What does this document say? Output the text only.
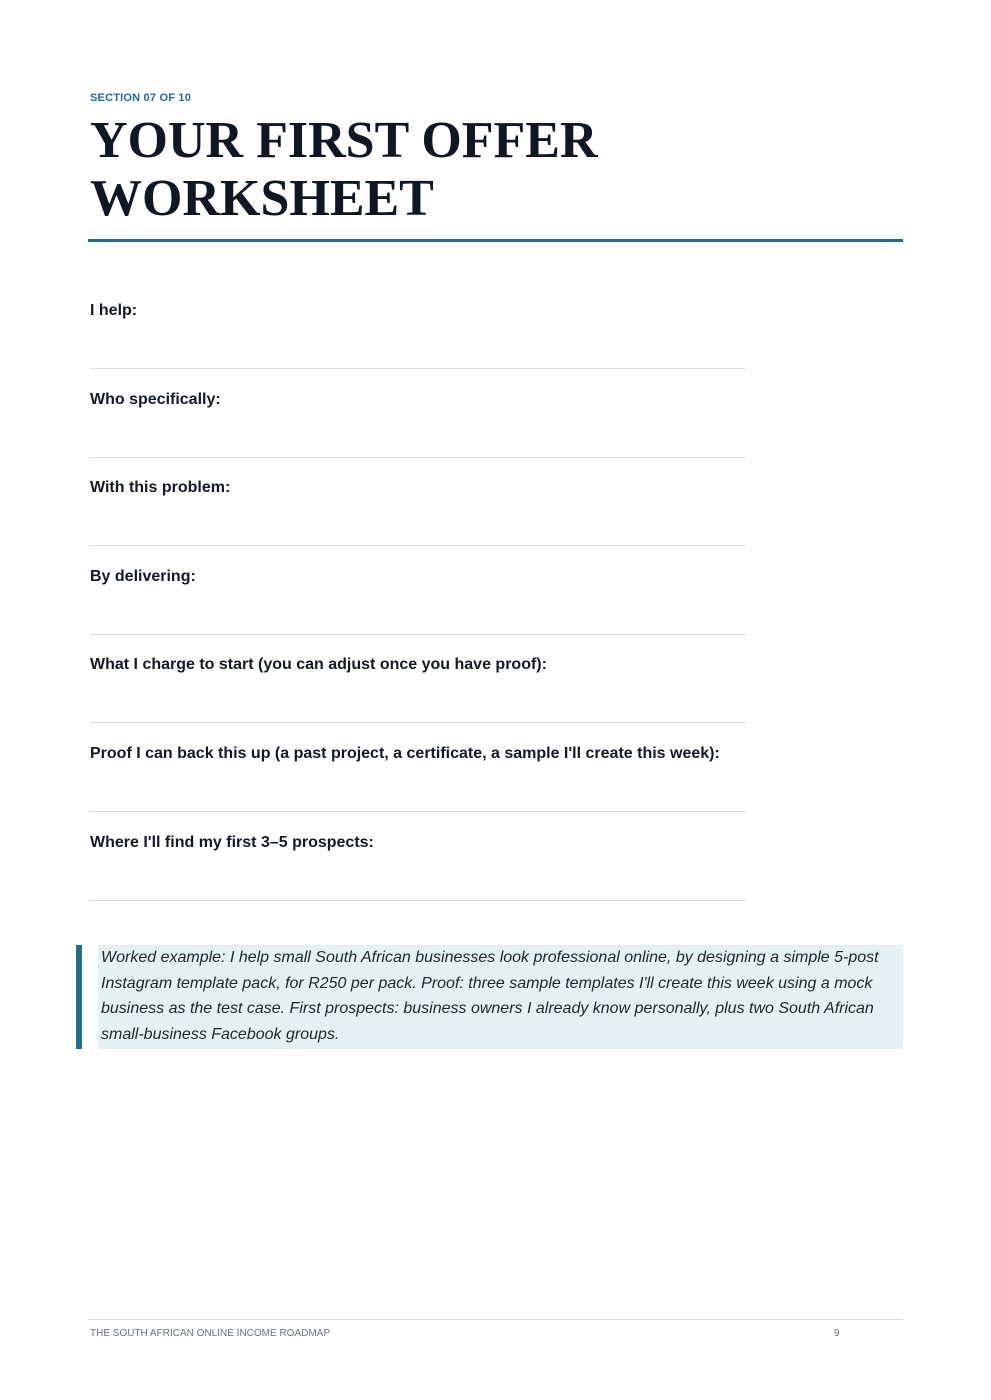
SECTION 07 OF 10
YOUR FIRST OFFER WORKSHEET
I help:
Who specifically:
With this problem:
By delivering:
What I charge to start (you can adjust once you have proof):
Proof I can back this up (a past project, a certificate, a sample I'll create this week):
Where I'll find my first 3–5 prospects:
Worked example: I help small South African businesses look professional online, by designing a simple 5-post Instagram template pack, for R250 per pack. Proof: three sample templates I'll create this week using a mock business as the test case. First prospects: business owners I already know personally, plus two South African small-business Facebook groups.
THE SOUTH AFRICAN ONLINE INCOME ROADMAP	9
